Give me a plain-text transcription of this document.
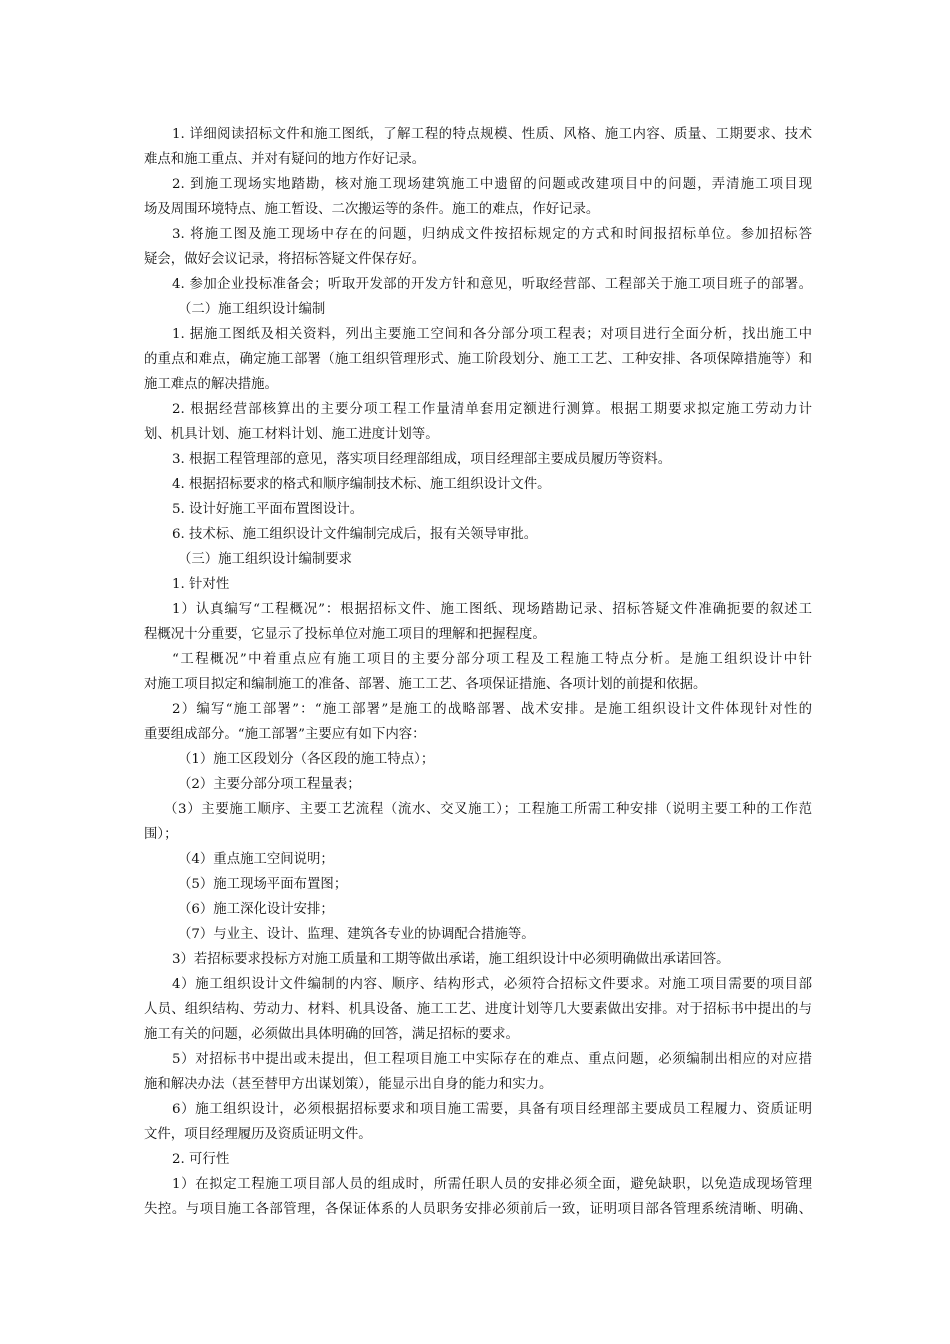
1. 详细阅读招标文件和施工图纸，了解工程的特点规模、性质、风格、施工内容、质量、工期要求、技术
难点和施工重点、并对有疑问的地方作好记录。
2. 到施工现场实地踏勘，核对施工现场建筑施工中遗留的问题或改建项目中的问题，弄清施工项目现
场及周围环境特点、施工暂设、二次搬运等的条件。施工的难点，作好记录。
3. 将施工图及施工现场中存在的问题，归纳成文件按招标规定的方式和时间报招标单位。参加招标答
疑会，做好会议记录，将招标答疑文件保存好。
4. 参加企业投标准备会；听取开发部的开发方针和意见，听取经营部、工程部关于施工项目班子的部署。
（二）施工组织设计编制
1. 据施工图纸及相关资料，列出主要施工空间和各分部分项工程表；对项目进行全面分析，找出施工中
的重点和难点，确定施工部署（施工组织管理形式、施工阶段划分、施工工艺、工种安排、各项保障措施等）和
施工难点的解决措施。
2. 根据经营部核算出的主要分项工程工作量清单套用定额进行测算。根据工期要求拟定施工劳动力计
划、机具计划、施工材料计划、施工进度计划等。
3. 根据工程管理部的意见，落实项目经理部组成，项目经理部主要成员履历等资料。
4. 根据招标要求的格式和顺序编制技术标、施工组织设计文件。
5. 设计好施工平面布置图设计。
6. 技术标、施工组织设计文件编制完成后，报有关领导审批。
（三）施工组织设计编制要求
1. 针对性
1）认真编写“工程概况”：根据招标文件、施工图纸、现场踏勘记录、招标答疑文件准确扼要的叙述工
程概况十分重要，它显示了投标单位对施工项目的理解和把握程度。
“工程概况”中着重点应有施工项目的主要分部分项工程及工程施工特点分析。是施工组织设计中针
对施工项目拟定和编制施工的准备、部署、施工工艺、各项保证措施、各项计划的前提和依据。
2）编写“施工部署”：“施工部署”是施工的战略部署、战术安排。是施工组织设计文件体现针对性的
重要组成部分。“施工部署”主要应有如下内容：
（1）施工区段划分（各区段的施工特点）；
（2）主要分部分项工程量表；
（3）主要施工顺序、主要工艺流程（流水、交叉施工）；工程施工所需工种安排（说明主要工种的工作范
围）；
（4）重点施工空间说明；
（5）施工现场平面布置图；
（6）施工深化设计安排；
（7）与业主、设计、监理、建筑各专业的协调配合措施等。
3）若招标要求投标方对施工质量和工期等做出承诺，施工组织设计中必须明确做出承诺回答。
4）施工组织设计文件编制的内容、顺序、结构形式，必须符合招标文件要求。对施工项目需要的项目部
人员、组织结构、劳动力、材料、机具设备、施工工艺、进度计划等几大要素做出安排。对于招标书中提出的与
施工有关的问题，必须做出具体明确的回答，满足招标的要求。
5）对招标书中提出或未提出，但工程项目施工中实际存在的难点、重点问题，必须编制出相应的对应措
施和解决办法（甚至替甲方出谋划策），能显示出自身的能力和实力。
6）施工组织设计，必须根据招标要求和项目施工需要，具备有项目经理部主要成员工程履力、资质证明
文件，项目经理履历及资质证明文件。
2. 可行性
1）在拟定工程施工项目部人员的组成时，所需任职人员的安排必须全面，避免缺职，以免造成现场管理
失控。与项目施工各部管理，各保证体系的人员职务安排必须前后一致，证明项目部各管理系统清晰、明确、
